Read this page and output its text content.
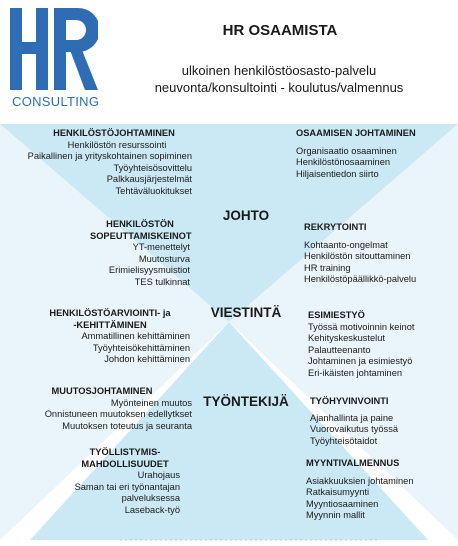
CONSULTING
HR OSAAMISTA
ulkoinen henkilöstöosasto-palvelu
neuvonta/konsultointi - koulutus/valmennus
JOHTO
VIESTINTÄ
TYÖNTEKIJÄ
HENKILÖSTÖJOHTAMINEN
Henkilöstön resurssointi
Paikallinen ja yrityskohtainen sopiminen
Työyhteisösovittelu
Palkkausjärjestelmät
Tehtäväluokitukset
HENKILÖSTÖN
SOPEUTTAMISKEINOT
YT-menettelyt
Muutosturva
Erimielisyysmuistiot
TES tulkinnat
HENKILÖSTÖARVIOINTI- ja
-KEHITTÄMINEN
Ammatillinen kehittäminen
Työyhteisökehittäminen
Johdon kehittäminen
MUUTOSJOHTAMINEN
Myönteinen muutos
Onnistuneen muutoksen edellytkset
Muutoksen toteutus ja seuranta
TYÖLLISTYMIS-
MAHDOLLISUUDET
Urahojaus
Saman tai eri työnantajan
palveluksessa
Laseback-työ
OSAAMISEN JOHTAMINEN
Organisaatio osaaminen
Henkilöstönosaaminen
Hiljaisentiedon siirto
REKRYTOINTI
Kohtaanto-ongelmat
Henkilöstön sitouttaminen
HR training
Henkilöstöpäällikkö-palvelu
ESIMIESTYÖ
Työssä motivoinnin keinot
Kehityskeskustelut
Palautteenanto
Johtaminen ja esimiestyö
Eri-ikäisten johtaminen
TYÖHYVINVOINTI
Ajanhallinta ja paine
Vuorovaikutus työssä
Työyhteisötaidot
MYYNTIVALMENNUS
Asiakkuuksien johtaminen
Ratkaisumyynti
Myyntiosaaminen
Myynnin mallit
